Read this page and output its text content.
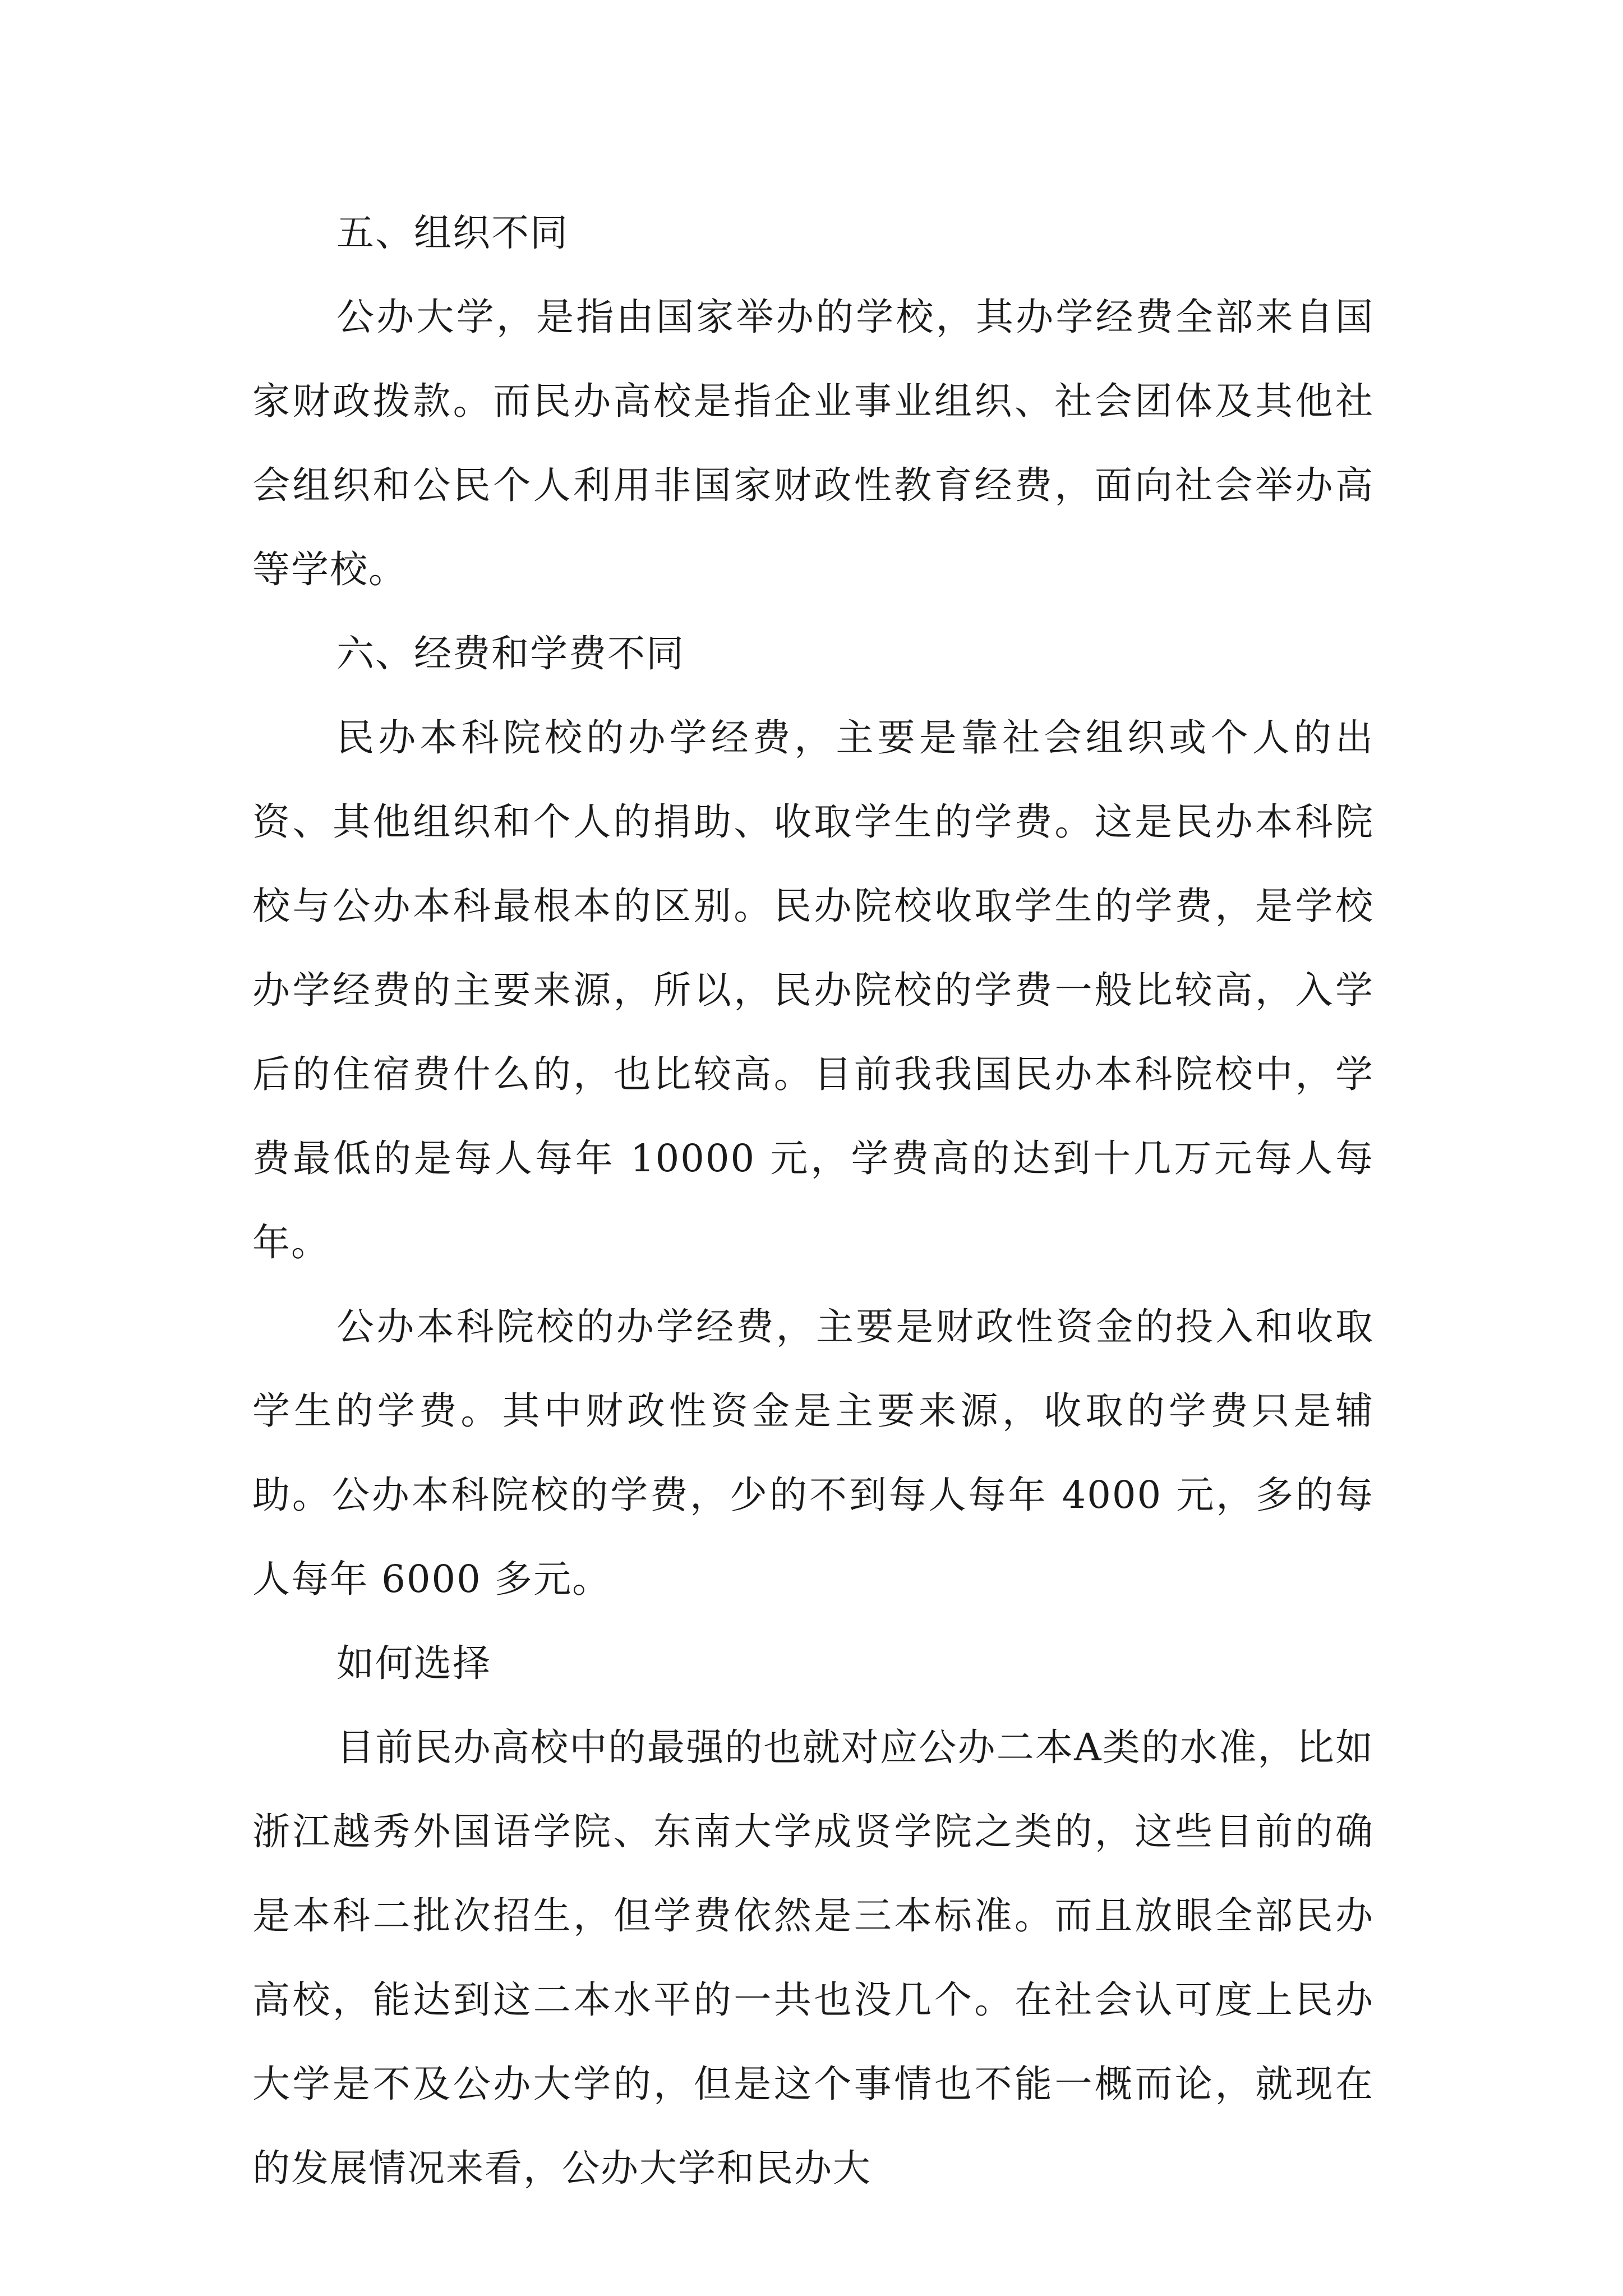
五、组织不同

公办大学，是指由国家举办的学校，其办学经费全部来自国家财政拨款。而民办高校是指企业事业组织、社会团体及其他社会组织和公民个人利用非国家财政性教育经费，面向社会举办高等学校。

六、经费和学费不同

民办本科院校的办学经费，主要是靠社会组织或个人的出资、其他组织和个人的捐助、收取学生的学费。这是民办本科院校与公办本科最根本的区别。民办院校收取学生的学费，是学校办学经费的主要来源，所以，民办院校的学费一般比较高，入学后的住宿费什么的，也比较高。目前我我国民办本科院校中，学费最低的是每人每年 10000 元，学费高的达到十几万元每人每年。

公办本科院校的办学经费，主要是财政性资金的投入和收取学生的学费。其中财政性资金是主要来源，收取的学费只是辅助。公办本科院校的学费，少的不到每人每年 4000 元，多的每人每年 6000 多元。

如何选择

目前民办高校中的最强的也就对应公办二本A类的水准，比如浙江越秀外国语学院、东南大学成贤学院之类的，这些目前的确是本科二批次招生，但学费依然是三本标准。而且放眼全部民办高校，能达到这二本水平的一共也没几个。在社会认可度上民办大学是不及公办大学的，但是这个事情也不能一概而论，就现在的发展情况来看，公办大学和民办大
